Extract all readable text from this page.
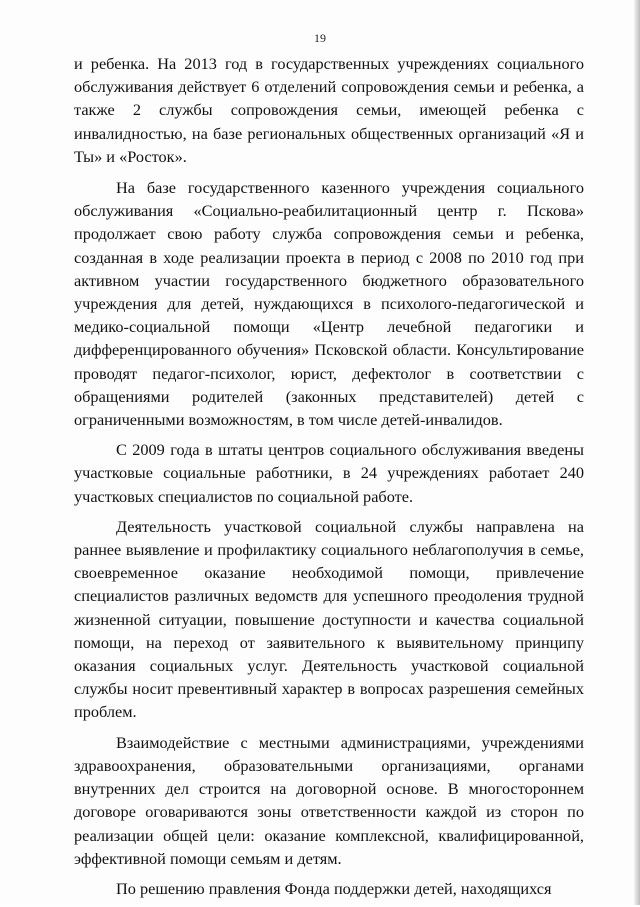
19

и ребенка. На 2013 год в государственных учреждениях социального обслуживания действует 6 отделений сопровождения семьи и ребенка, а также 2 службы сопровождения семьи, имеющей ребенка с инвалидностью, на базе региональных общественных организаций «Я и Ты» и «Росток».

На базе государственного казенного учреждения социального обслуживания «Социально-реабилитационный центр г. Пскова» продолжает свою работу служба сопровождения семьи и ребенка, созданная в ходе реализации проекта в период с 2008 по 2010 год при активном участии государственного бюджетного образовательного учреждения для детей, нуждающихся в психолого-педагогической и медико-социальной помощи «Центр лечебной педагогики и дифференцированного обучения» Псковской области. Консультирование проводят педагог-психолог, юрист, дефектолог в соответствии с обращениями родителей (законных представителей) детей с ограниченными возможностям, в том числе детей-инвалидов.

С 2009 года в штаты центров социального обслуживания введены участковые социальные работники, в 24 учреждениях работает 240 участковых специалистов по социальной работе.

Деятельность участковой социальной службы направлена на раннее выявление и профилактику социального неблагополучия в семье, своевременное оказание необходимой помощи, привлечение специалистов различных ведомств для успешного преодоления трудной жизненной ситуации, повышение доступности и качества социальной помощи, на переход от заявительного к выявительному принципу оказания социальных услуг. Деятельность участковой социальной службы носит превентивный характер в вопросах разрешения семейных проблем.

Взаимодействие с местными администрациями, учреждениями здравоохранения, образовательными организациями, органами внутренних дел строится на договорной основе. В многостороннем договоре оговариваются зоны ответственности каждой из сторон по реализации общей цели: оказание комплексной, квалифицированной, эффективной помощи семьям и детям.

По решению правления Фонда поддержки детей, находящихся
